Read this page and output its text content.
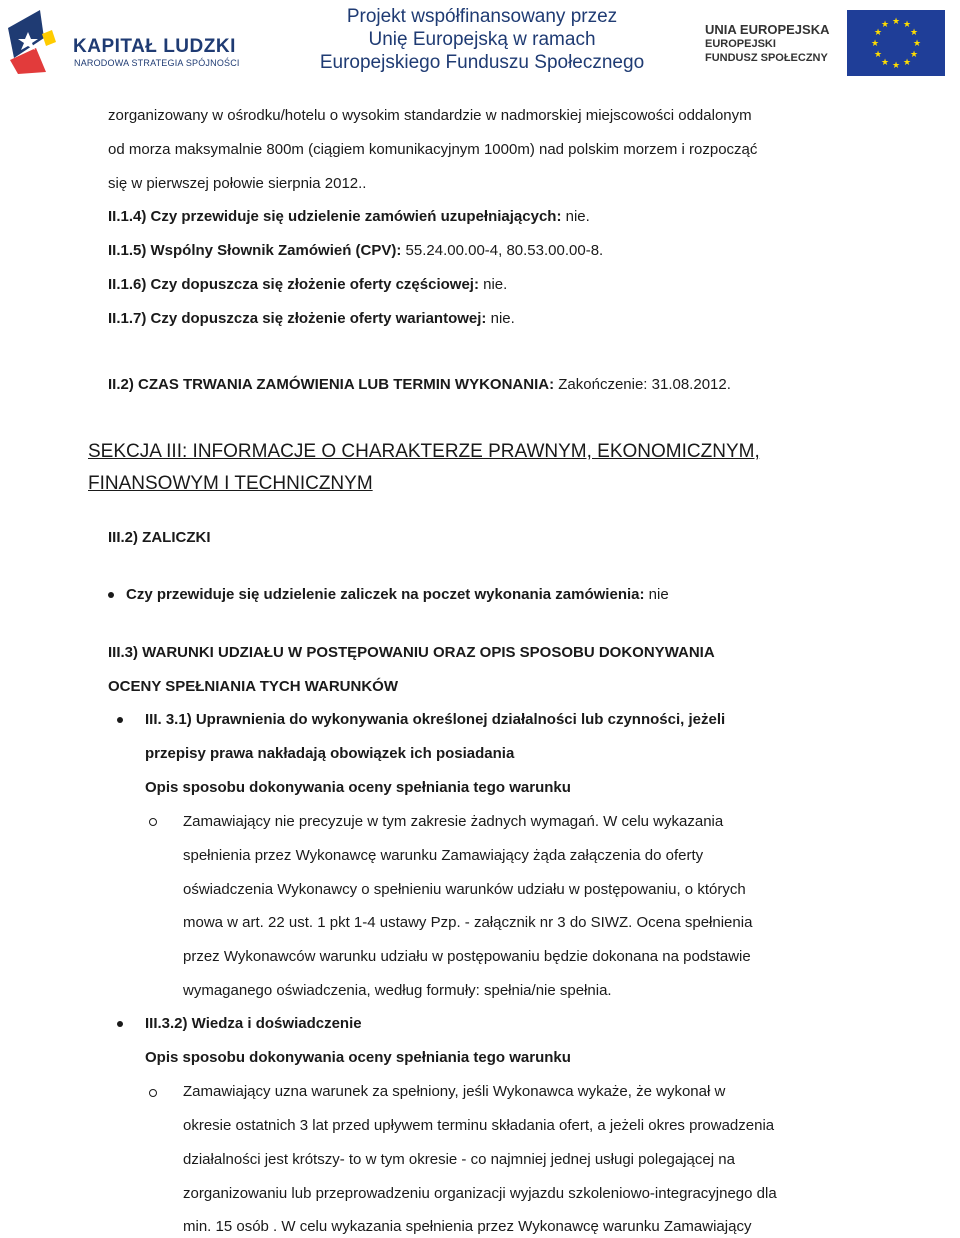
KAPITAŁ LUDZKI
NARODOWA STRATEGIA SPÓJNOŚCI
Projekt współfinansowany przez
Unię Europejską w ramach
Europejskiego Funduszu Społecznego
UNIA EUROPEJSKA
EUROPEJSKI
FUNDUSZ SPOŁECZNY
★ ★
★
★
★
★
★
★
★
★
★
★
zorganizowany w ośrodku/hotelu o wysokim standardzie w nadmorskiej miejscowości oddalonym
od morza maksymalnie 800m (ciągiem komunikacyjnym 1000m) nad polskim morzem i rozpocząć
się w pierwszej połowie sierpnia 2012..
II.1.4) Czy przewiduje się udzielenie zamówień uzupełniających: nie.
II.1.5) Wspólny Słownik Zamówień (CPV): 55.24.00.00-4, 80.53.00.00-8.
II.1.6) Czy dopuszcza się złożenie oferty częściowej: nie.
II.1.7) Czy dopuszcza się złożenie oferty wariantowej: nie.
II.2) CZAS TRWANIA ZAMÓWIENIA LUB TERMIN WYKONANIA: Zakończenie: 31.08.2012.
SEKCJA III: INFORMACJE O CHARAKTERZE PRAWNYM, EKONOMICZNYM,
FINANSOWYM I TECHNICZNYM
III.2) ZALICZKI
Czy przewiduje się udzielenie zaliczek na poczet wykonania zamówienia: nie
III.3) WARUNKI UDZIAŁU W POSTĘPOWANIU ORAZ OPIS SPOSOBU DOKONYWANIA
OCENY SPEŁNIANIA TYCH WARUNKÓW
III. 3.1) Uprawnienia do wykonywania określonej działalności lub czynności, jeżeli
przepisy prawa nakładają obowiązek ich posiadania
Opis sposobu dokonywania oceny spełniania tego warunku
Zamawiający nie precyzuje w tym zakresie żadnych wymagań. W celu wykazania
spełnienia przez Wykonawcę warunku Zamawiający żąda załączenia do oferty
oświadczenia Wykonawcy o spełnieniu warunków udziału w postępowaniu, o których
mowa w art. 22 ust. 1 pkt 1-4 ustawy Pzp. - załącznik nr 3 do SIWZ. Ocena spełnienia
przez Wykonawców warunku udziału w postępowaniu będzie dokonana na podstawie
wymaganego oświadczenia, według formuły: spełnia/nie spełnia.
III.3.2) Wiedza i doświadczenie
Opis sposobu dokonywania oceny spełniania tego warunku
Zamawiający uzna warunek za spełniony, jeśli Wykonawca wykaże, że wykonał w
okresie ostatnich 3 lat przed upływem terminu składania ofert, a jeżeli okres prowadzenia
działalności jest krótszy- to w tym okresie - co najmniej jednej usługi polegającej na
zorganizowaniu lub przeprowadzeniu organizacji wyjazdu szkoleniowo-integracyjnego dla
min. 15 osób . W celu wykazania spełnienia przez Wykonawcę warunku Zamawiający
